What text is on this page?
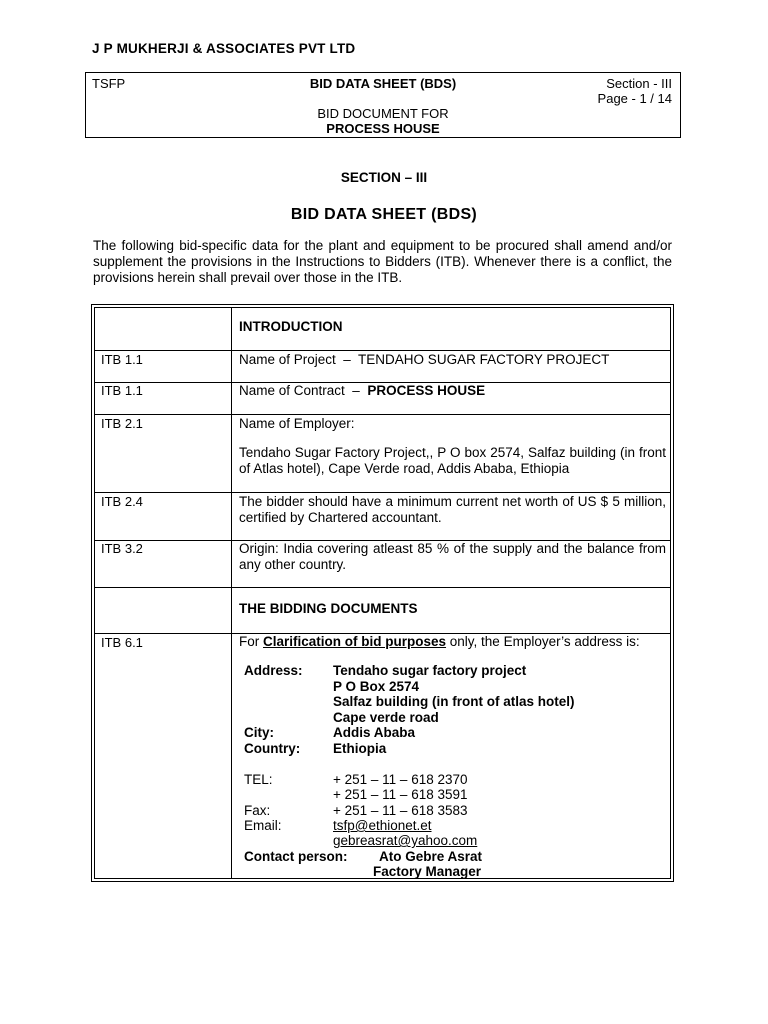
J P MUKHERJI & ASSOCIATES PVT LTD
TSFP	BID DATA SHEET (BDS)	Section - III
Page - 1 / 14
BID DOCUMENT FOR
PROCESS HOUSE
SECTION – III
BID DATA SHEET (BDS)
The following bid-specific data for the plant and equipment to be procured shall amend and/or supplement the provisions in the Instructions to Bidders (ITB). Whenever there is a conflict, the provisions herein shall prevail over those in the ITB.
INTRODUCTION
ITB 1.1	Name of Project  –  TENDAHO SUGAR FACTORY PROJECT
ITB 1.1	Name of Contract  –  PROCESS HOUSE
ITB 2.1	Name of Employer:
Tendaho Sugar Factory Project,, P O box 2574, Salfaz building (in front of Atlas hotel), Cape Verde road, Addis Ababa, Ethiopia
ITB 2.4	The bidder should have a minimum current net worth of US $ 5 million, certified by Chartered accountant.
ITB 3.2	Origin: India covering atleast 85 % of the supply and the balance from any other country.
THE BIDDING DOCUMENTS
ITB 6.1	For Clarification of bid purposes only, the Employer’s address is:
Address: Tendaho sugar factory project
P O Box 2574
Salfaz building (in front of atlas hotel)
Cape verde road
City:	Addis Ababa
Country: Ethiopia
TEL:	+ 251 – 11 – 618 2370
+ 251 – 11 – 618 3591
Fax:	+ 251 – 11 – 618 3583
Email:	tsfp@ethionet.et
gebreasrat@yahoo.com
Contact person: Ato Gebre Asrat
Factory Manager
